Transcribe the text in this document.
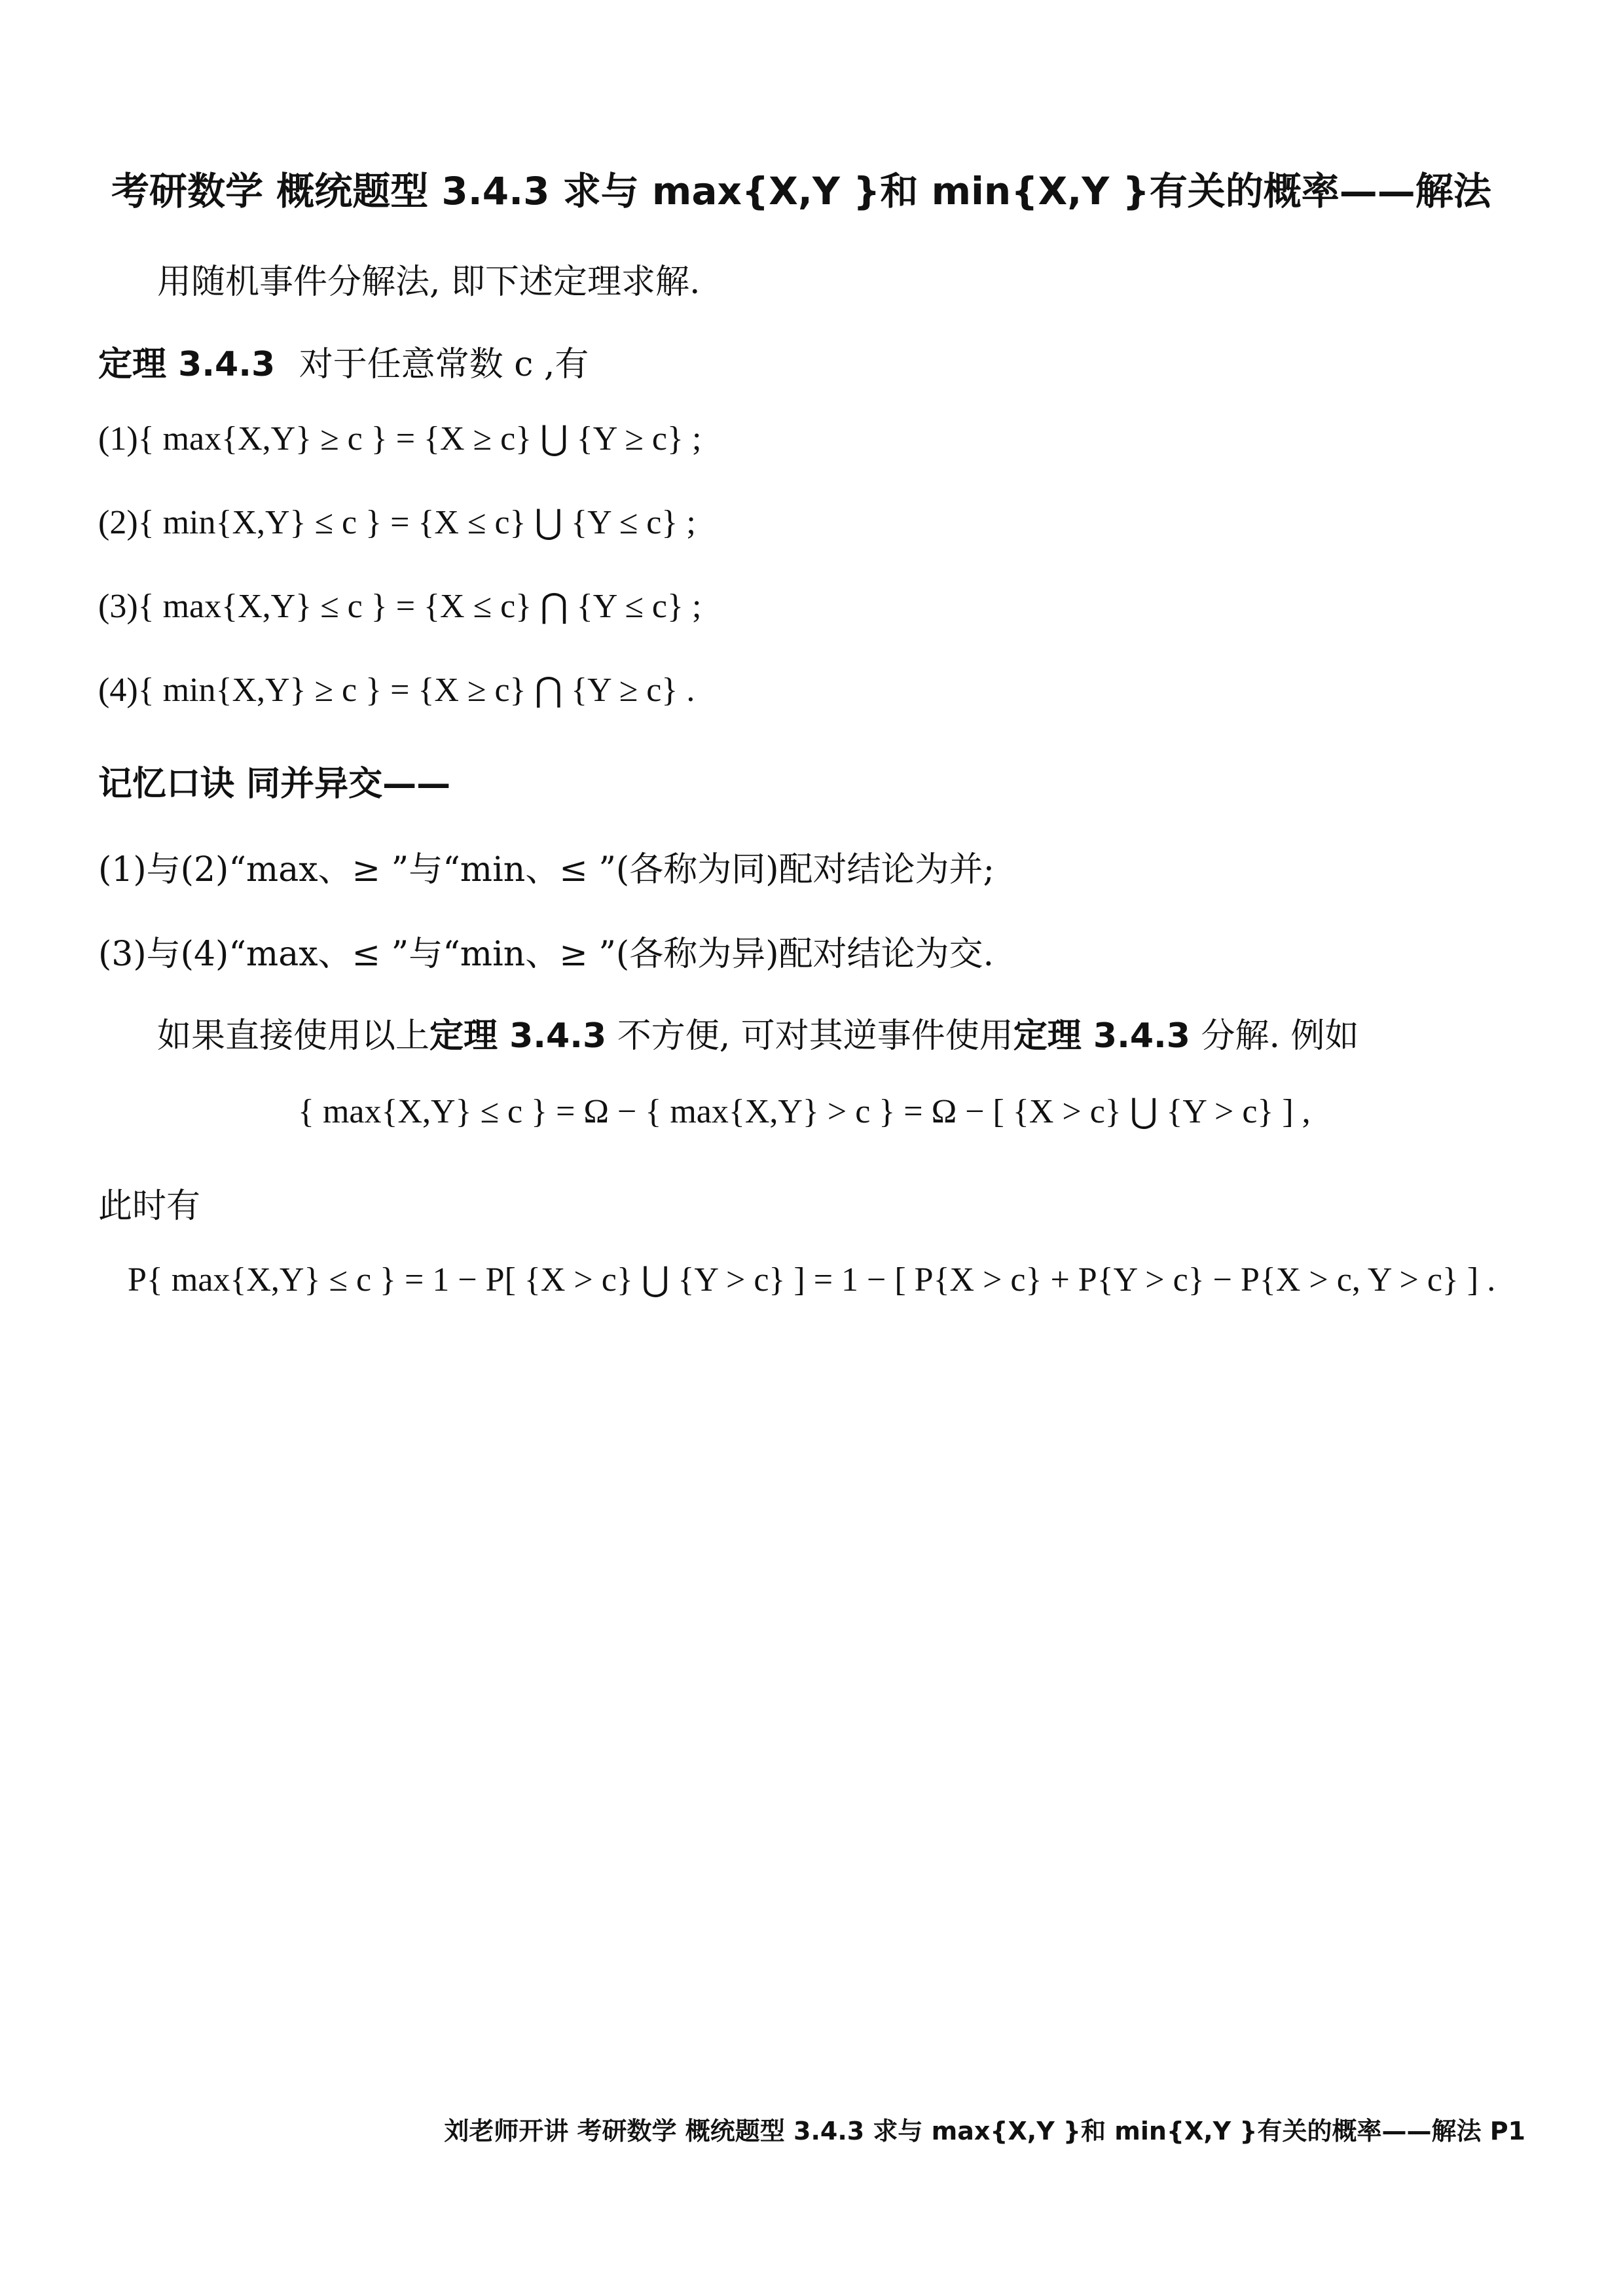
考研数学 概统题型 3.4.3 求与 max{X,Y }和 min{X,Y }有关的概率——解法
用随机事件分解法, 即下述定理求解.
定理 3.4.3 对于任意常数 c ,有
(1){ max{X,Y} ≥ c } = {X ≥ c} ⋃ {Y ≥ c} ;
(2){ min{X,Y} ≤ c } = {X ≤ c} ⋃ {Y ≤ c} ;
(3){ max{X,Y} ≤ c } = {X ≤ c} ⋂ {Y ≤ c} ;
(4){ min{X,Y} ≥ c } = {X ≥ c} ⋂ {Y ≥ c} .
记忆口诀 同并异交——
(1)与(2)“max、≥ ”与“min、≤ ”(各称为同)配对结论为并;
(3)与(4)“max、≤ ”与“min、≥ ”(各称为异)配对结论为交.
如果直接使用以上定理 3.4.3 不方便, 可对其逆事件使用定理 3.4.3 分解. 例如
{ max{X,Y} ≤ c } = Ω − { max{X,Y} > c } = Ω − [ {X > c} ⋃ {Y > c} ] ,
此时有
P{ max{X,Y} ≤ c } = 1 − P[ {X > c} ⋃ {Y > c} ] = 1 − [ P{X > c} + P{Y > c} − P{X > c, Y > c} ] .
刘老师开讲 考研数学 概统题型 3.4.3 求与 max{X,Y }和 min{X,Y }有关的概率——解法 P1
